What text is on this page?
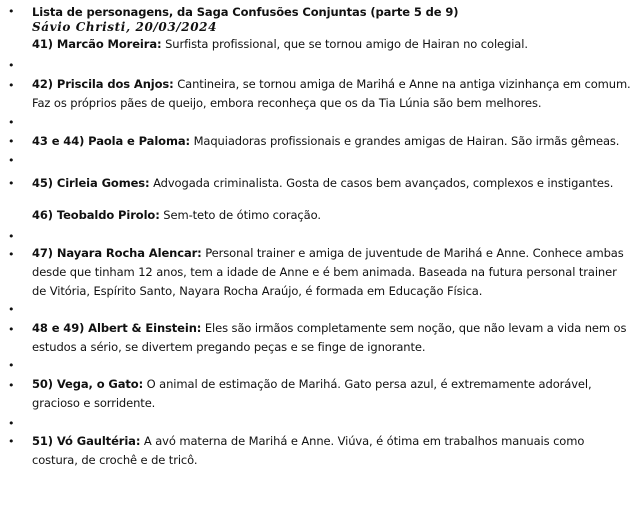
•
•
•
•
•
•
•
•
•
•
•
•
•
•
•
Lista de personagens, da Saga Confusões Conjuntas (parte 5 de 9)
Sávio Christi, 20/03/2024
41) Marcão Moreira: Surfista profissional, que se tornou amigo de Hairan no colegial.
42) Priscila dos Anjos: Cantineira, se tornou amiga de Marihá e Anne na antiga vizinhança em comum. Faz os próprios pães de queijo, embora reconheça que os da Tia Lúnia são bem melhores.
43 e 44) Paola e Paloma: Maquiadoras profissionais e grandes amigas de Hairan. São irmãs gêmeas.
45) Cirleia Gomes: Advogada criminalista. Gosta de casos bem avançados, complexos e instigantes.
46) Teobaldo Pirolo: Sem-teto de ótimo coração.
47) Nayara Rocha Alencar: Personal trainer e amiga de juventude de Marihá e Anne. Conhece ambas desde que tinham 12 anos, tem a idade de Anne e é bem animada. Baseada na futura personal trainer de Vitória, Espírito Santo, Nayara Rocha Araújo, é formada em Educação Física.
48 e 49) Albert & Einstein: Eles são irmãos completamente sem noção, que não levam a vida nem os estudos a sério, se divertem pregando peças e se finge de ignorante.
50) Vega, o Gato: O animal de estimação de Marihá. Gato persa azul, é extremamente adorável, gracioso e sorridente.
51) Vó Gaultéria: A avó materna de Marihá e Anne. Viúva, é ótima em trabalhos manuais como costura, de crochê e de tricô.
